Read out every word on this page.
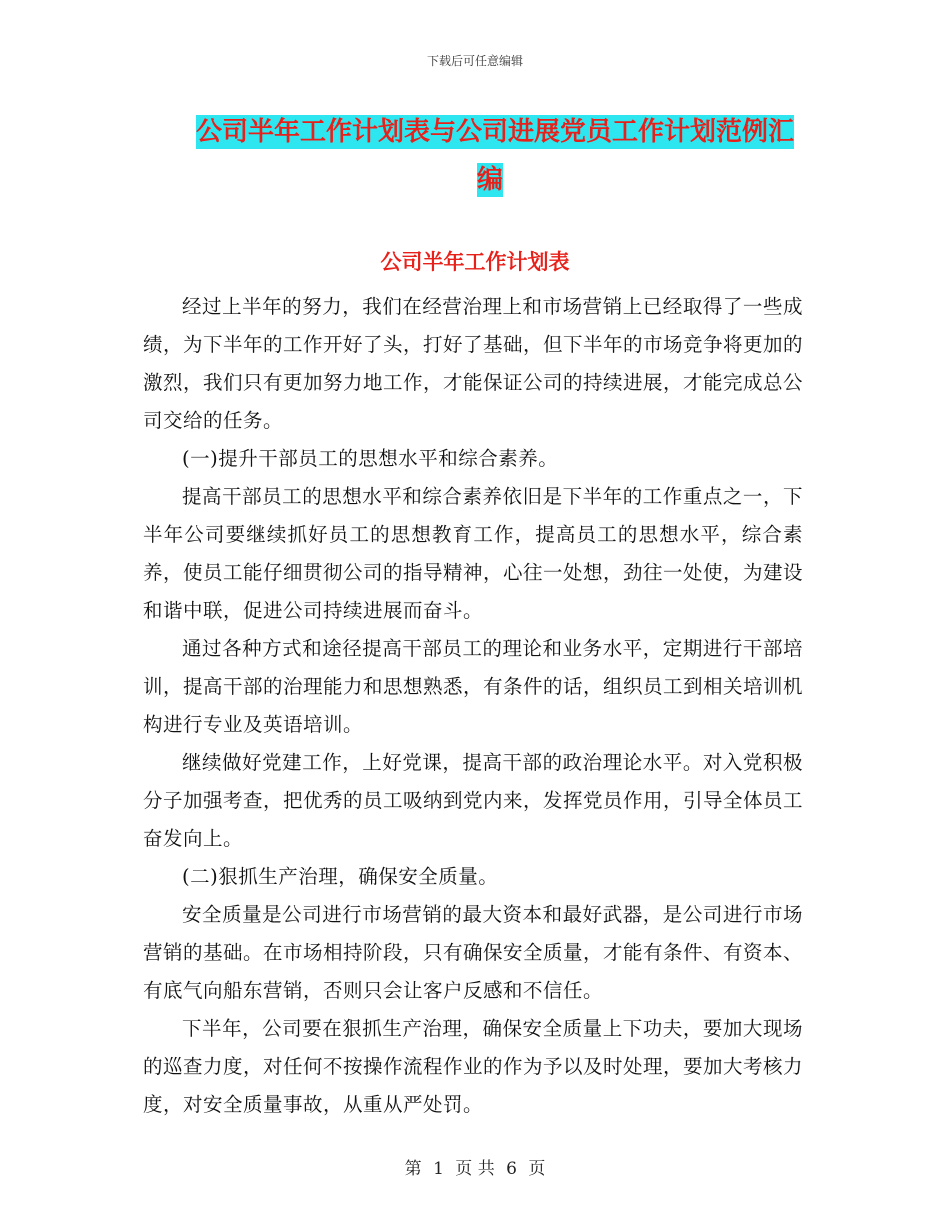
下载后可任意编辑
公司半年工作计划表与公司进展党员工作计划范例汇
编
公司半年工作计划表

经过上半年的努力，我们在经营治理上和市场营销上已经取得了一些成绩，为下半年的工作开好了头，打好了基础，但下半年的市场竞争将更加的激烈，我们只有更加努力地工作，才能保证公司的持续进展，才能完成总公司交给的任务。

(一)提升干部员工的思想水平和综合素养。

提高干部员工的思想水平和综合素养依旧是下半年的工作重点之一，下半年公司要继续抓好员工的思想教育工作，提高员工的思想水平，综合素养，使员工能仔细贯彻公司的指导精神，心往一处想，劲往一处使，为建设和谐中联，促进公司持续进展而奋斗。

通过各种方式和途径提高干部员工的理论和业务水平，定期进行干部培训，提高干部的治理能力和思想熟悉，有条件的话，组织员工到相关培训机构进行专业及英语培训。

继续做好党建工作，上好党课，提高干部的政治理论水平。对入党积极分子加强考查，把优秀的员工吸纳到党内来，发挥党员作用，引导全体员工奋发向上。

(二)狠抓生产治理，确保安全质量。

安全质量是公司进行市场营销的最大资本和最好武器，是公司进行市场营销的基础。在市场相持阶段，只有确保安全质量，才能有条件、有资本、有底气向船东营销，否则只会让客户反感和不信任。

下半年，公司要在狠抓生产治理，确保安全质量上下功夫，要加大现场的巡查力度，对任何不按操作流程作业的作为予以及时处理，要加大考核力度，对安全质量事故，从重从严处罚。

第 1 页 共 6 页
